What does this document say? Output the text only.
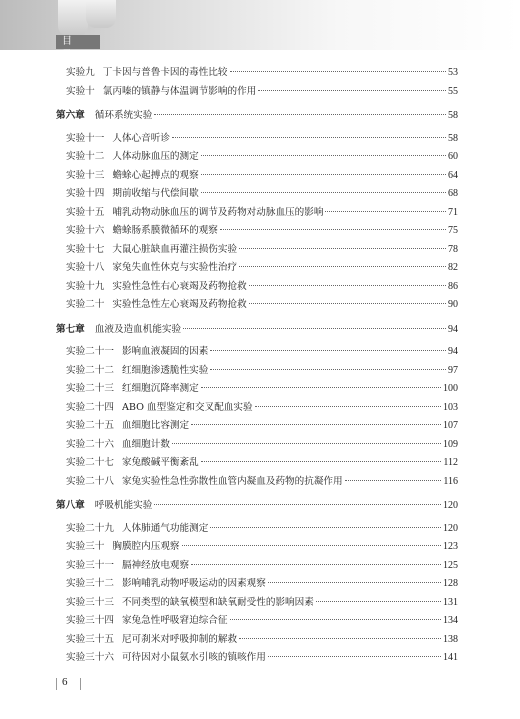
目 录
实验九 丁卡因与普鲁卡因的毒性比较	53
实验十 氯丙嗪的镇静与体温调节影响的作用	55
第六章 循环系统实验	58
实验十一 人体心音听诊	58
实验十二 人体动脉血压的测定	60
实验十三 蟾蜍心起搏点的观察	64
实验十四 期前收缩与代偿间歇	68
实验十五 哺乳动物动脉血压的调节及药物对动脉血压的影响	71
实验十六 蟾蜍肠系膜微循环的观察	75
实验十七 大鼠心脏缺血再灌注损伤实验	78
实验十八 家兔失血性休克与实验性治疗	82
实验十九 实验性急性右心衰竭及药物抢救	86
实验二十 实验性急性左心衰竭及药物抢救	90
第七章 血液及造血机能实验	94
实验二十一 影响血液凝固的因素	94
实验二十二 红细胞渗透脆性实验	97
实验二十三 红细胞沉降率测定	100
实验二十四 ABO 血型鉴定和交叉配血实验	103
实验二十五 血细胞比容测定	107
实验二十六 血细胞计数	109
实验二十七 家兔酸碱平衡紊乱	112
实验二十八 家兔实验性急性弥散性血管内凝血及药物的抗凝作用	116
第八章 呼吸机能实验	120
实验二十九 人体肺通气功能测定	120
实验三十 胸膜腔内压观察	123
实验三十一 膈神经放电观察	125
实验三十二 影响哺乳动物呼吸运动的因素观察	128
实验三十三 不同类型的缺氧模型和缺氧耐受性的影响因素	131
实验三十四 家兔急性呼吸窘迫综合征	134
实验三十五 尼可刹米对呼吸抑制的解救	138
实验三十六 可待因对小鼠氨水引咳的镇咳作用	141
6
